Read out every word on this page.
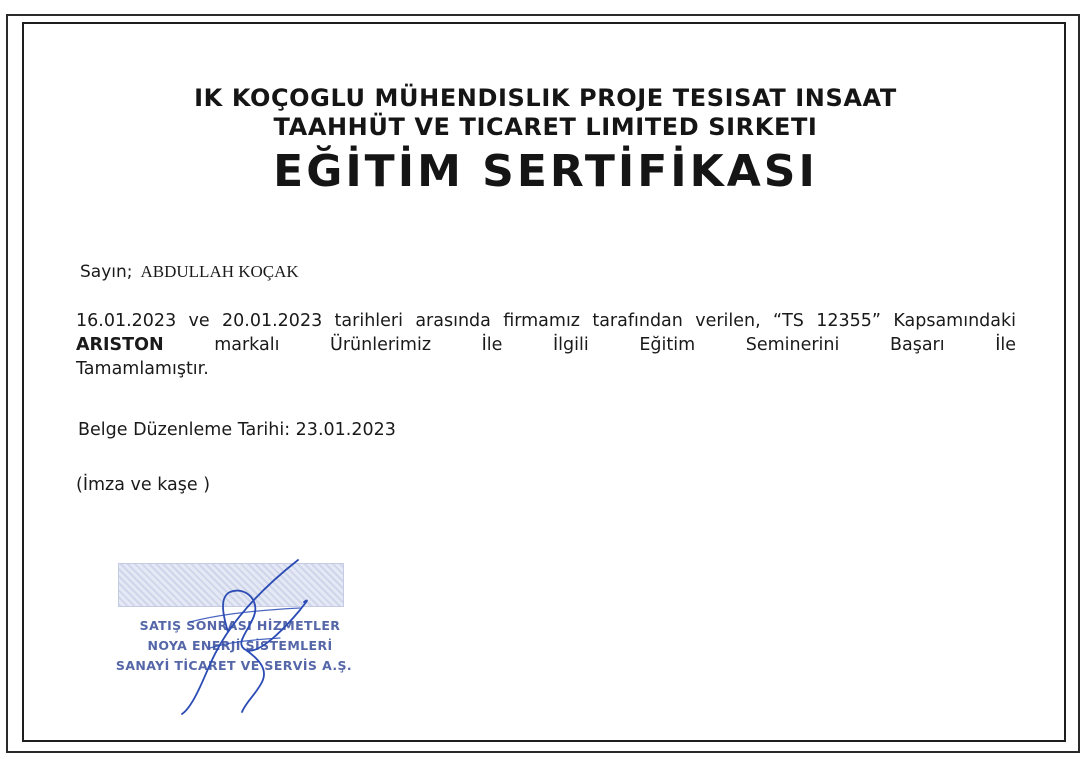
IK KOÇOGLU MÜHENDISLIK PROJE TESISAT INSAAT
TAAHHÜT VE TICARET LIMITED SIRKETI
EĞİTİM SERTİFİKASI
Sayın; ABDULLAH KOÇAK
16.01.2023 ve 20.01.2023 tarihleri arasında firmamız tarafından verilen, “TS 12355” Kapsamındaki ARISTON markalı Ürünlerimiz İle İlgili Eğitim Seminerini Başarı İle
Tamamlamıştır.
Belge Düzenleme Tarihi: 23.01.2023
(İmza ve kaşe )
SATIŞ SONRASI HİZMETLER
NOYA ENERJİ SİSTEMLERİ
SANAYİ TİCARET VE SERVİS A.Ş.
